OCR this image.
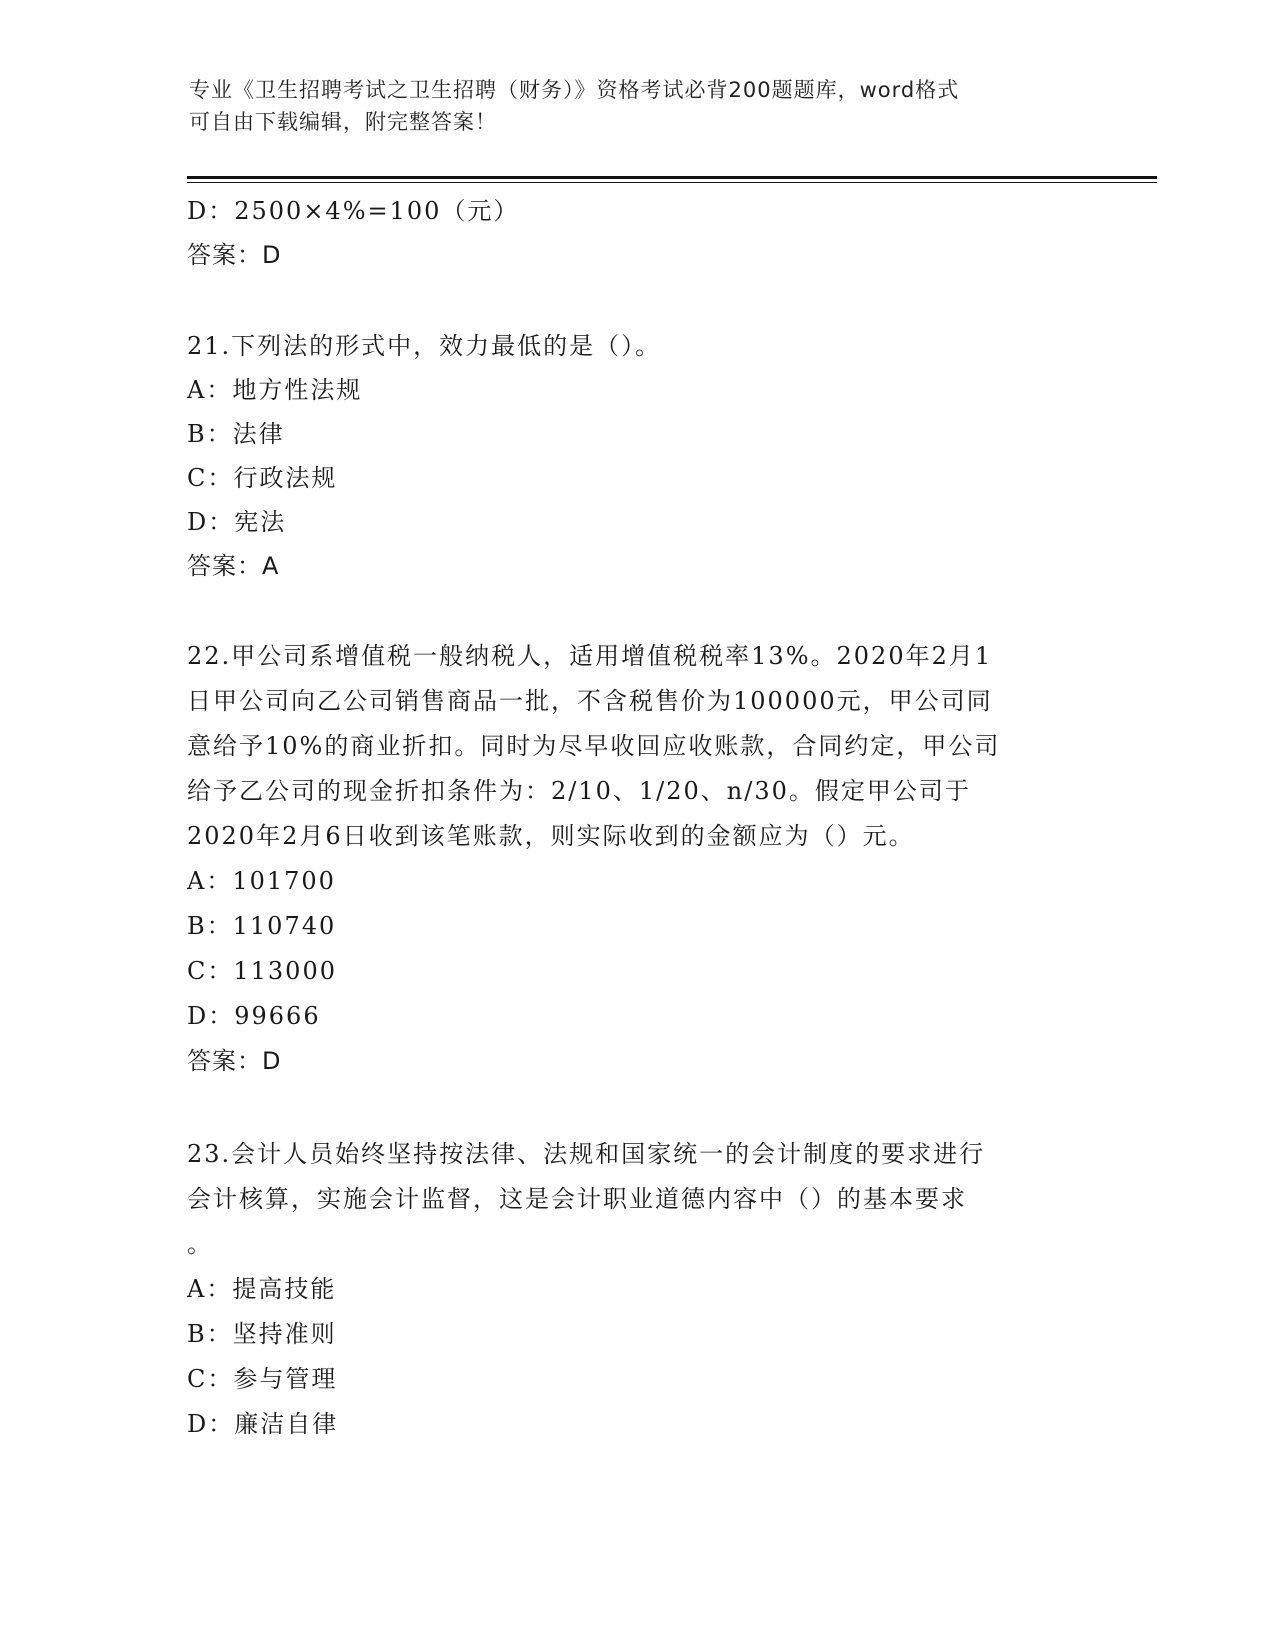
专业《卫生招聘考试之卫生招聘（财务）》资格考试必背200题题库，word格式
可自由下载编辑，附完整答案！
D：2500×4%=100（元）
答案：D
21.下列法的形式中，效力最低的是（）。
A：地方性法规
B：法律
C：行政法规
D：宪法
答案：A
22.甲公司系增值税一般纳税人，适用增值税税率13%。2020年2月1
日甲公司向乙公司销售商品一批，不含税售价为100000元，甲公司同
意给予10%的商业折扣。同时为尽早收回应收账款，合同约定，甲公司
给予乙公司的现金折扣条件为：2/10、1/20、n/30。假定甲公司于
2020年2月6日收到该笔账款，则实际收到的金额应为（）元。
A：101700
B：110740
C：113000
D：99666
答案：D
23.会计人员始终坚持按法律、法规和国家统一的会计制度的要求进行
会计核算，实施会计监督，这是会计职业道德内容中（）的基本要求
。
A：提高技能
B：坚持准则
C：参与管理
D：廉洁自律
